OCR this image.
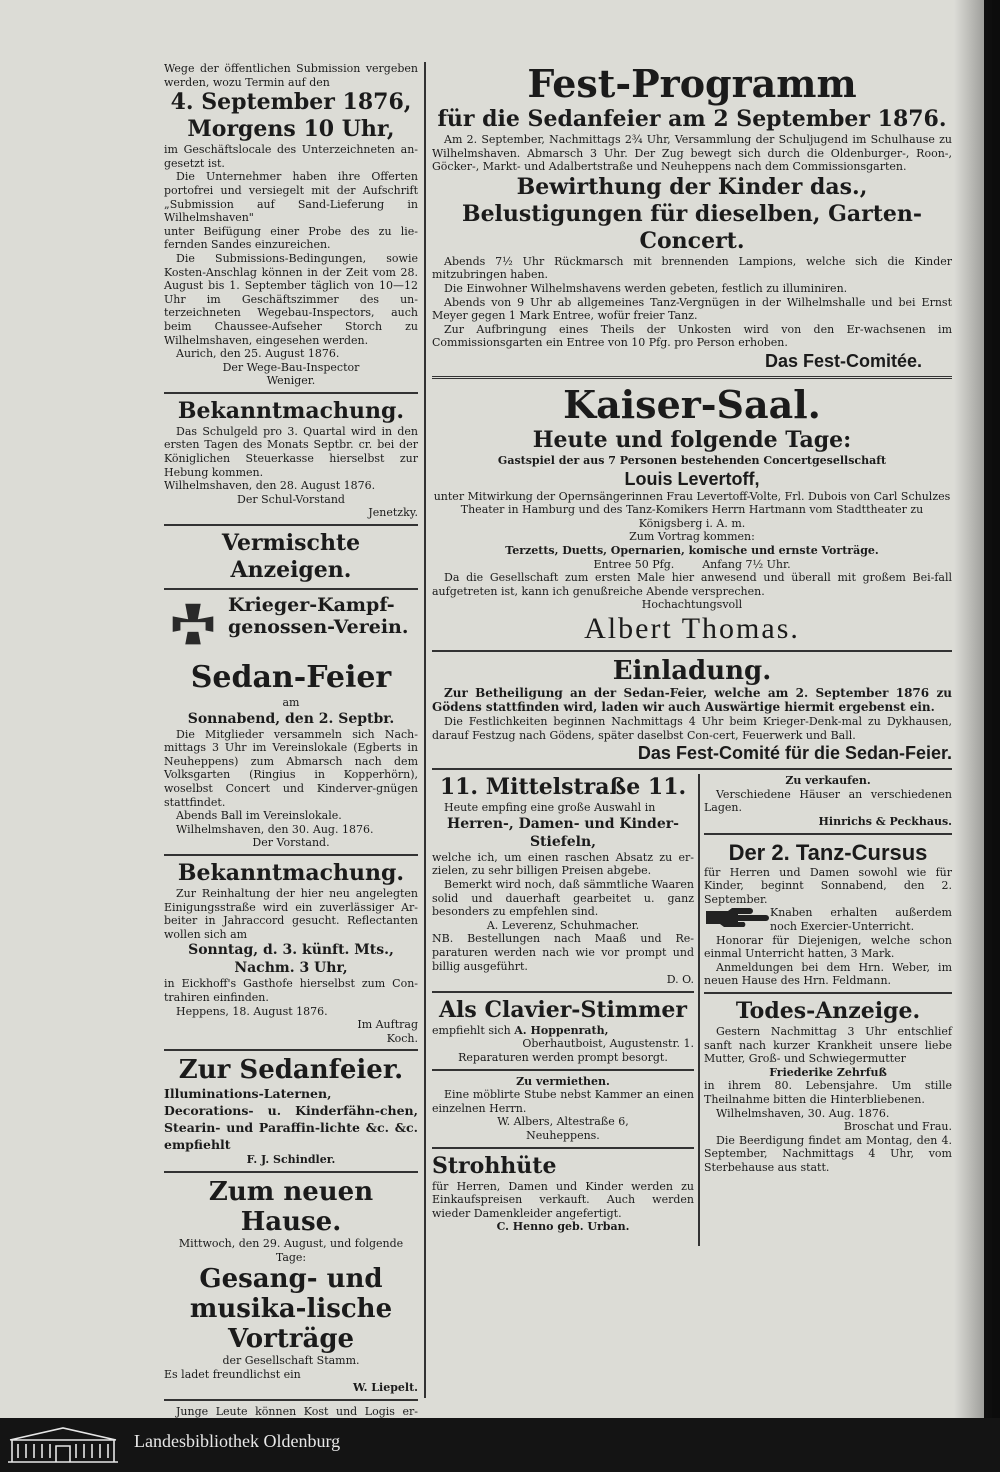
Wege der öffentlichen Submission vergeben werden, wozu Termin auf den

4. September 1876,

Morgens 10 Uhr,

im Geschäftslocale des Unterzeichneten an-gesetzt ist.

Die Unternehmer haben ihre Offerten portofrei und versiegelt mit der Aufschrift „Submission auf Sand-Lieferung in Wilhelmshaven"

unter Beifügung einer Probe des zu lie-fernden Sandes einzureichen.

Die Submissions-Bedingungen, sowie Kosten-Anschlag können in der Zeit vom 28. August bis 1. September täglich von 10—12 Uhr im Geschäftszimmer des un-terzeichneten Wegebau-Inspectors, auch beim Chaussee-Aufseher Storch zu Wilhelmshaven, eingesehen werden.

Aurich, den 25. August 1876.

Der Wege-Bau-Inspector

Weniger.

Bekanntmachung.

Das Schulgeld pro 3. Quartal wird in den ersten Tagen des Monats Septbr. cr. bei der Königlichen Steuerkasse hierselbst zur Hebung kommen.

Wilhelmshaven, den 28. August 1876.

Der Schul-Vorstand

Jenetzky.

Vermischte Anzeigen.

Krieger-Kampf-

genossen-Verein.

Sedan-Feier

am

Sonnabend, den 2. Septbr.

Die Mitglieder versammeln sich Nach-mittags 3 Uhr im Vereinslokale (Egberts in Neuheppens) zum Abmarsch nach dem Volksgarten (Ringius in Kopperhörn), woselbst Concert und Kinderver-gnügen stattfindet.

Abends Ball im Vereinslokale.

Wilhelmshaven, den 30. Aug. 1876.

Der Vorstand.

Bekanntmachung.

Zur Reinhaltung der hier neu angelegten Einigungsstraße wird ein zuverlässiger Ar-beiter in Jahraccord gesucht. Reflectanten wollen sich am

Sonntag, d. 3. künft. Mts., Nachm. 3 Uhr,

in Eickhoff's Gasthofe hierselbst zum Con-trahiren einfinden.

Heppens, 18. August 1876.

Im Auftrag

Koch.

Zur Sedanfeier.

Illuminations-Laternen, Decorations- u. Kinderfähn-chen, Stearin- und Paraffin-lichte &c. &c. empfiehlt

F. J. Schindler.

Zum neuen Hause.

Mittwoch, den 29. August, und folgende Tage:

Gesang- und musika-lische Vorträge

der Gesellschaft Stamm.

Es ladet freundlichst ein

W. Liepelt.

Junge Leute können Kost und Logis er-

Fest-Programm

für die Sedanfeier am 2 September 1876.

Am 2. September, Nachmittags 2¾ Uhr, Versammlung der Schuljugend im Schulhause zu Wilhelmshaven. Abmarsch 3 Uhr. Der Zug bewegt sich durch die Oldenburger-, Roon-, Göcker-, Markt- und Adalbertstraße und Neuheppens nach dem Commissionsgarten.

Bewirthung der Kinder das., Belustigungen für dieselben, Garten-Concert.

Abends 7½ Uhr Rückmarsch mit brennenden Lampions, welche sich die Kinder mitzubringen haben.

Die Einwohner Wilhelmshavens werden gebeten, festlich zu illuminiren.

Abends von 9 Uhr ab allgemeines Tanz-Vergnügen in der Wilhelmshalle und bei Ernst Meyer gegen 1 Mark Entree, wofür freier Tanz.

Zur Aufbringung eines Theils der Unkosten wird von den Er-wachsenen im Commissionsgarten ein Entree von 10 Pfg. pro Person erhoben.

Das Fest-Comitée.

Kaiser-Saal.

Heute und folgende Tage:

Gastspiel der aus 7 Personen bestehenden Concertgesellschaft

Louis Levertoff,

unter Mitwirkung der Opernsängerinnen Frau Levertoff-Volte, Frl. Dubois von Carl Schulzes Theater in Hamburg und des Tanz-Komikers Herrn Hartmann vom Stadttheater zu Königsberg i. A. m.

Zum Vortrag kommen:

Terzetts, Duetts, Opernarien, komische und ernste Vorträge.

Entree 50 Pfg.        Anfang 7½ Uhr.

Da die Gesellschaft zum ersten Male hier anwesend und überall mit großem Bei-fall aufgetreten ist, kann ich genußreiche Abende versprechen.

Hochachtungsvoll

Albert Thomas.

Einladung.

Zur Betheiligung an der Sedan-Feier, welche am 2. September 1876 zu Gödens stattfinden wird, laden wir auch Auswärtige hiermit ergebenst ein.

Die Festlichkeiten beginnen Nachmittags 4 Uhr beim Krieger-Denk-mal zu Dykhausen, darauf Festzug nach Gödens, später daselbst Con-cert, Feuerwerk und Ball.

Das Fest-Comité für die Sedan-Feier.

11. Mittelstraße 11.

Heute empfing eine große Auswahl in

Herren-, Damen- und Kinder-Stiefeln,

welche ich, um einen raschen Absatz zu er-zielen, zu sehr billigen Preisen abgebe.

Bemerkt wird noch, daß sämmtliche Waaren solid und dauerhaft gearbeitet u. ganz besonders zu empfehlen sind.

A. Leverenz, Schuhmacher.

NB. Bestellungen nach Maaß und Re-paraturen werden nach wie vor prompt und billig ausgeführt.

D. O.

Als Clavier-Stimmer

empfiehlt sich A. Hoppenrath,

Oberhautboist, Augustenstr. 1.

Reparaturen werden prompt besorgt.

Zu vermiethen.

Eine möblirte Stube nebst Kammer an einen einzelnen Herrn.

W. Albers, Altestraße 6,

Neuheppens.

Strohhüte

für Herren, Damen und Kinder werden zu Einkaufspreisen verkauft. Auch werden wieder Damenkleider angefertigt.

C. Henno geb. Urban.

Zu verkaufen.

Verschiedene Häuser an verschiedenen Lagen.

Hinrichs & Peckhaus.

Der 2. Tanz-Cursus

für Herren und Damen sowohl wie für Kinder, beginnt Sonnabend, den 2. September.

Knaben erhalten außerdem noch Exercier-Unterricht.

Honorar für Diejenigen, welche schon einmal Unterricht hatten, 3 Mark.

Anmeldungen bei dem Hrn. Weber, im neuen Hause des Hrn. Feldmann.

Todes-Anzeige.

Gestern Nachmittag 3 Uhr entschlief sanft nach kurzer Krankheit unsere liebe Mutter, Groß- und Schwiegermutter

Friederike Zehrfuß

in ihrem 80. Lebensjahre. Um stille Theilnahme bitten die Hinterbliebenen.

Wilhelmshaven, 30. Aug. 1876.

Broschat und Frau.

Die Beerdigung findet am Montag, den 4. September, Nachmittags 4 Uhr, vom Sterbehause aus statt.

Landesbibliothek Oldenburg
